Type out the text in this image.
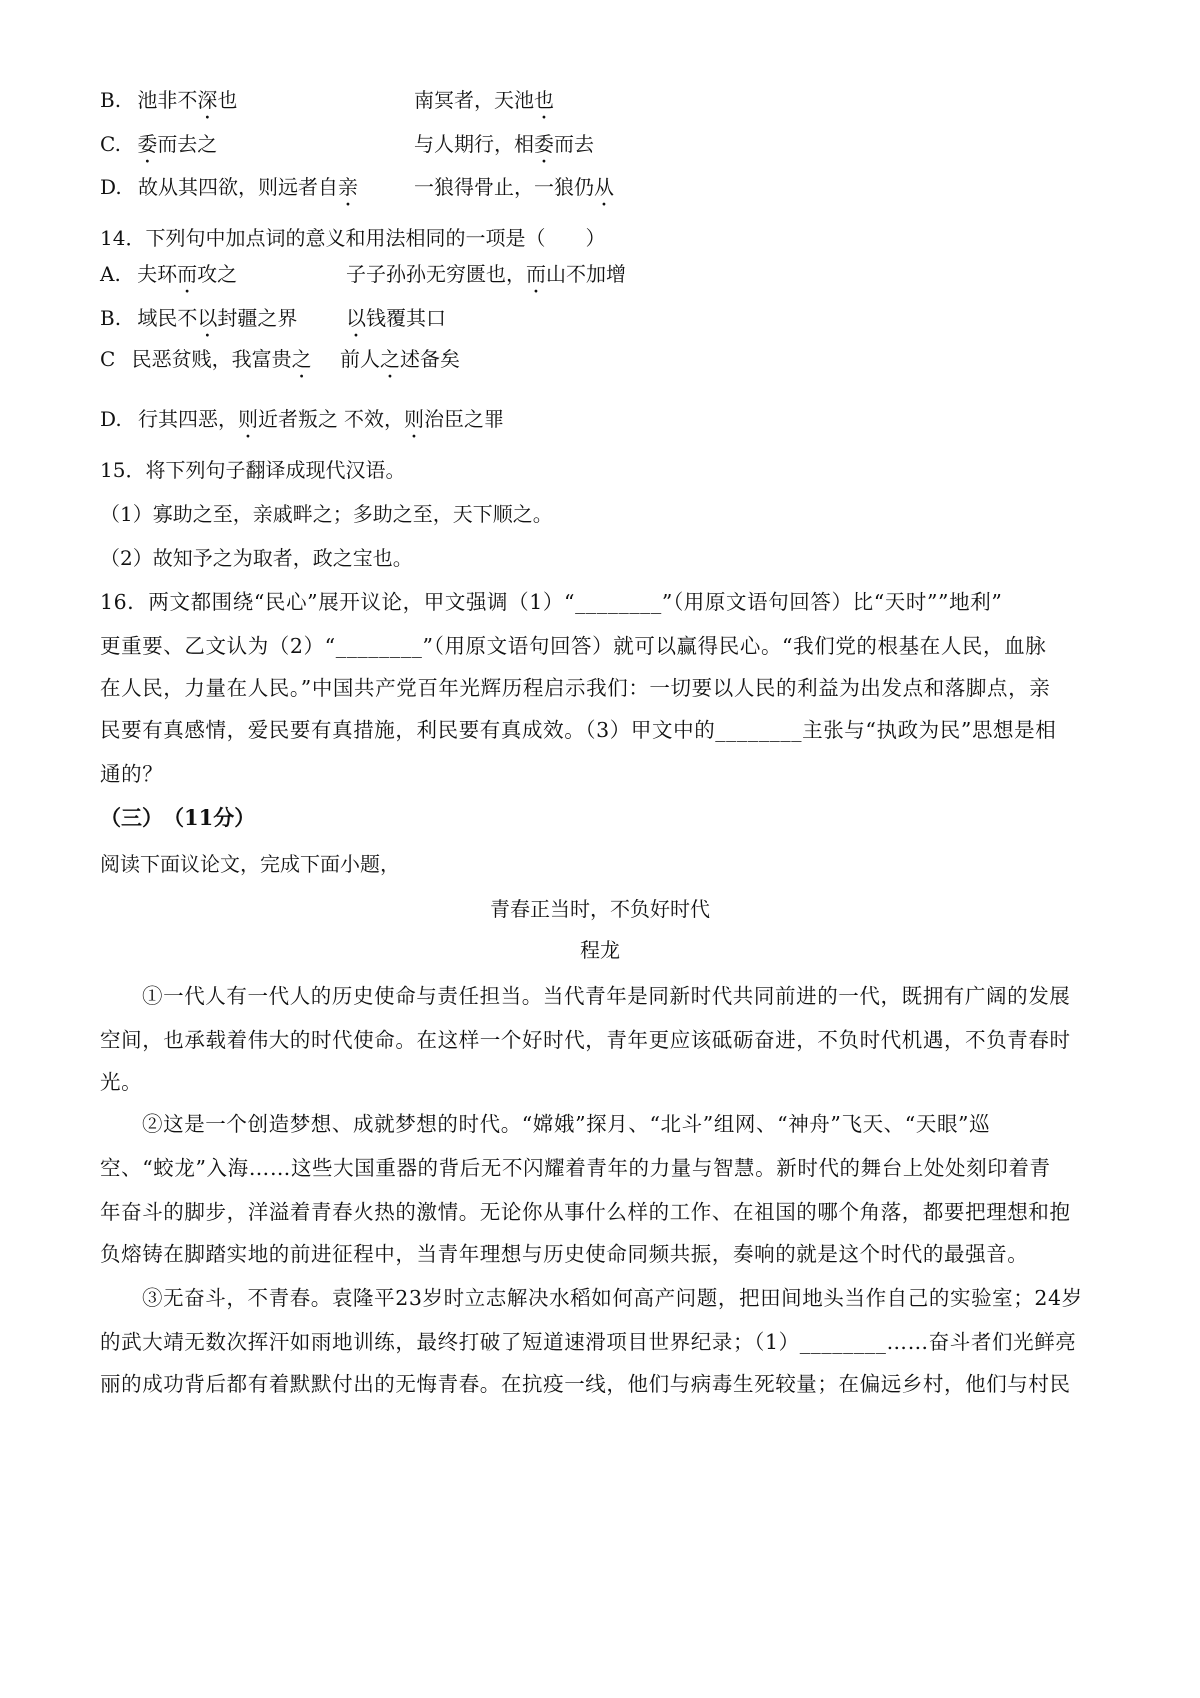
B. 池非不深也	南冥者，天池也
C. 委而去之	与人期行，相委而去
D. 故从其四欲，则远者自亲	一狼得骨止，一狼仍从
14．下列句中加点词的意义和用法相同的一项是（　　）
A. 夫环而攻之	子子孙孙无穷匮也，而山不加增
B. 域民不以封疆之界 以钱覆其口
C 民恶贫贱，我富贵之 前人之述备矣
D. 行其四恶，则近者叛之 不效，则治臣之罪
15．将下列句子翻译成现代汉语。
（1）寡助之至，亲戚畔之；多助之至，天下顺之。
（2）故知予之为取者，政之宝也。
16．两文都围绕“民心”展开议论，甲文强调（1）“________”（用原文语句回答）比“天时””地利”
更重要、乙文认为（2）“________”（用原文语句回答）就可以赢得民心。“我们党的根基在人民，血脉
在人民，力量在人民。”中国共产党百年光辉历程启示我们：一切要以人民的利益为出发点和落脚点，亲
民要有真感情，爱民要有真措施，利民要有真成效。（3）甲文中的________主张与“执政为民”思想是相
通的？
（三）　（11分）
阅读下面议论文，完成下面小题，
青春正当时，不负好时代
程龙
①一代人有一代人的历史使命与责任担当。当代青年是同新时代共同前进的一代，既拥有广阔的发展
空间，也承载着伟大的时代使命。在这样一个好时代，青年更应该砥砺奋进，不负时代机遇，不负青春时
光。
②这是一个创造梦想、成就梦想的时代。“嫦娥”探月、“北斗”组网、“神舟”飞天、“天眼”巡
空、“蛟龙”入海……这些大国重器的背后无不闪耀着青年的力量与智慧。新时代的舞台上处处刻印着青
年奋斗的脚步，洋溢着青春火热的激情。无论你从事什么样的工作、在祖国的哪个角落，都要把理想和抱
负熔铸在脚踏实地的前进征程中，当青年理想与历史使命同频共振，奏响的就是这个时代的最强音。
③无奋斗，不青春。袁隆平23岁时立志解决水稻如何高产问题，把田间地头当作自己的实验室；24岁
的武大靖无数次挥汗如雨地训练，最终打破了短道速滑项目世界纪录；（1）________……奋斗者们光鲜亮
丽的成功背后都有着默默付出的无悔青春。在抗疫一线，他们与病毒生死较量；在偏远乡村，他们与村民
